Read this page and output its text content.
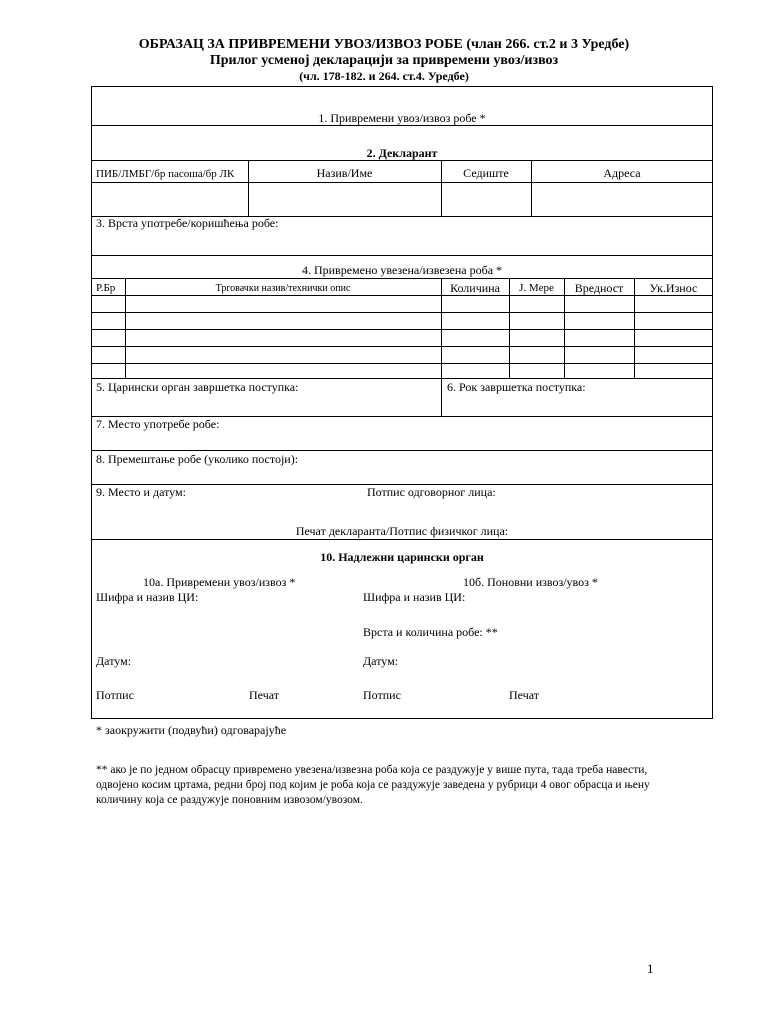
ОБРАЗАЦ ЗА ПРИВРЕМЕНИ УВОЗ/ИЗВОЗ РОБЕ (члан 266. ст.2 и 3 Уредбе)
Прилог усменој декларацији за привремени увоз/извоз
(чл. 178-182. и 264. ст.4. Уредбе)
1. Привремени увоз/извоз робе *
2. Декларант
ПИБ/ЛМБГ/бр пасоша/бр ЛК	Назив/Име	Седиште	Адреса
3. Врста употребе/коришћења робе:
4. Привремено увезена/извезена роба *
Р.Бр	Трговачки назив/технички опис	Количина	Ј. Мере	Вредност	Ук.Износ
5. Царински орган завршетка поступка:	6. Рок завршетка поступка:
7. Место употребе робе:
8. Премештање робе (уколико постоји):
9. Место и датум:	Потпис одговорног лица:
Печат декларанта/Потпис физичког лица:
10. Надлежни царински орган
10а. Привремени увоз/извоз *	10б. Поновни извоз/увоз *
Шифра и назив ЦИ:	Шифра и назив ЦИ:
Врста и количина робе: **
Датум:	Датум:
Потпис	Печат	Потпис	Печат
* заокружити (подвући) одговарајуће
** ако је по једном обрасцу привремено увезена/извезна роба која се раздужује у више пута, тада треба навести,
одвојено косим цртама, редни број под којим је роба која се раздужује заведена у рубрици 4 овог обрасца и њену
количину која се раздужује поновним извозом/увозом.
1
